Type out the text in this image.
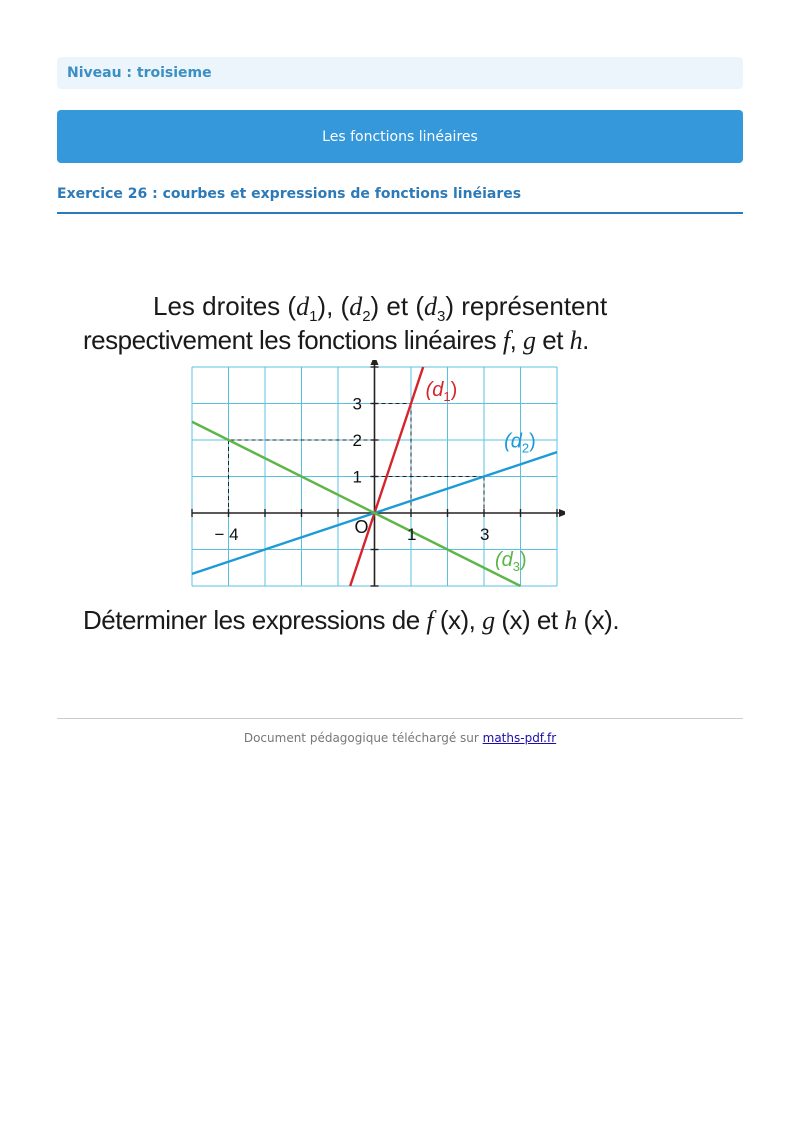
Niveau : troisieme
Les fonctions linéaires
Exercice 26 : courbes et expressions de fonctions linéiares
Les droites $(d_1)$, $(d_2)$ et $(d_3)$ représentent
respectivement les fonctions linéaires f, g et h.
$(d_1)$
$(d_2)$
$(d_3)$
− 4	1	3
1
2
3
O
Déterminer les expressions de f (x), g (x) et h (x).
Document pédagogique téléchargé sur maths-pdf.fr
